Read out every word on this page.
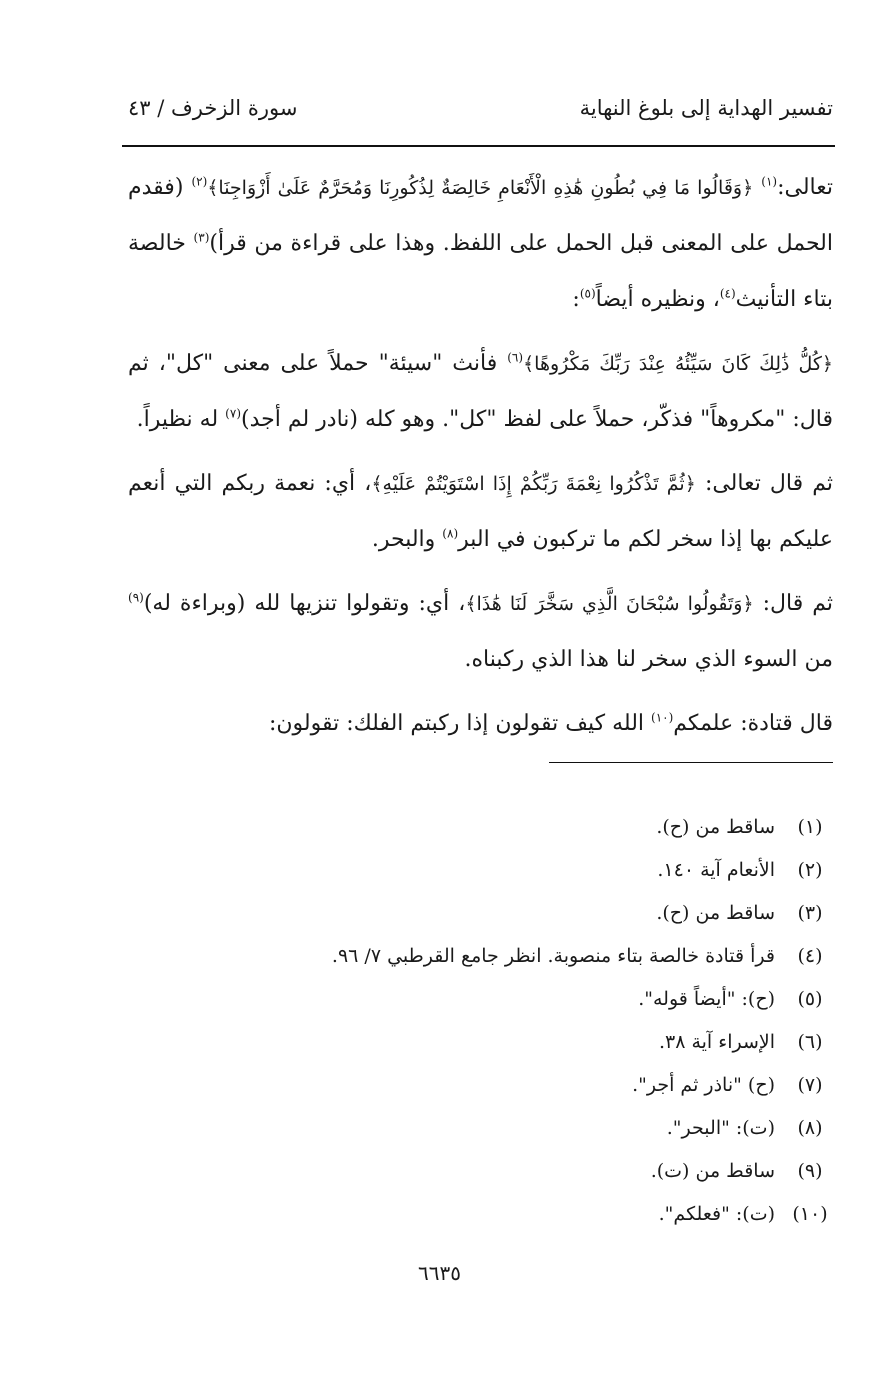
تفسير الهداية إلى بلوغ النهاية
سورة الزخرف / ٤٣

تعالى:$^{(١)}$ ﴿وَقَالُوا مَا فِي بُطُونِ هَٰذِهِ الْأَنْعَامِ خَالِصَةٌ لِذُكُورِنَا وَمُحَرَّمٌ عَلَىٰ أَزْوَاجِنَا﴾$^{(٢)}$ (فقدم الحمل على المعنى قبل الحمل على اللفظ. وهذا على قراءة من قرأ)$^{(٣)}$ خالصة بتاء التأنيث$^{(٤)}$، ونظيره أيضاً$^{(٥)}$:

﴿كُلُّ ذَٰلِكَ كَانَ سَيِّئُهُ عِنْدَ رَبِّكَ مَكْرُوهًا﴾$^{(٦)}$ فأنث "سيئة" حملاً على معنى "كل"، ثم قال: "مكروهاً" فذكّر، حملاً على لفظ "كل". وهو كله (نادر لم أجد)$^{(٧)}$ له نظيراً.

ثم قال تعالى: ﴿ثُمَّ تَذْكُرُوا نِعْمَةَ رَبِّكُمْ إِذَا اسْتَوَيْتُمْ عَلَيْهِ﴾، أي: نعمة ربكم التي أنعم عليكم بها إذا سخر لكم ما تركبون في البر$^{(٨)}$ والبحر.

ثم قال: ﴿وَتَقُولُوا سُبْحَانَ الَّذِي سَخَّرَ لَنَا هَٰذَا﴾، أي: وتقولوا تنزيها لله (وبراءة له)$^{(٩)}$ من السوء الذي سخر لنا هذا الذي ركبناه.

قال قتادة: علمكم$^{(١٠)}$ الله كيف تقولون إذا ركبتم الفلك: تقولون:

(١)
ساقط من (ح).
(٢)
الأنعام آية ١٤٠.
(٣)
ساقط من (ح).
(٤)
قرأ قتادة خالصة بتاء منصوبة. انظر جامع القرطبي ٧/ ٩٦.
(٥)
(ح): "أيضاً قوله".
(٦)
الإسراء آية ٣٨.
(٧)
(ح) "ناذر ثم أجر".
(٨)
(ت): "البحر".
(٩)
ساقط من (ت).
(١٠)
(ت): "فعلكم".
٦٦٣٥
